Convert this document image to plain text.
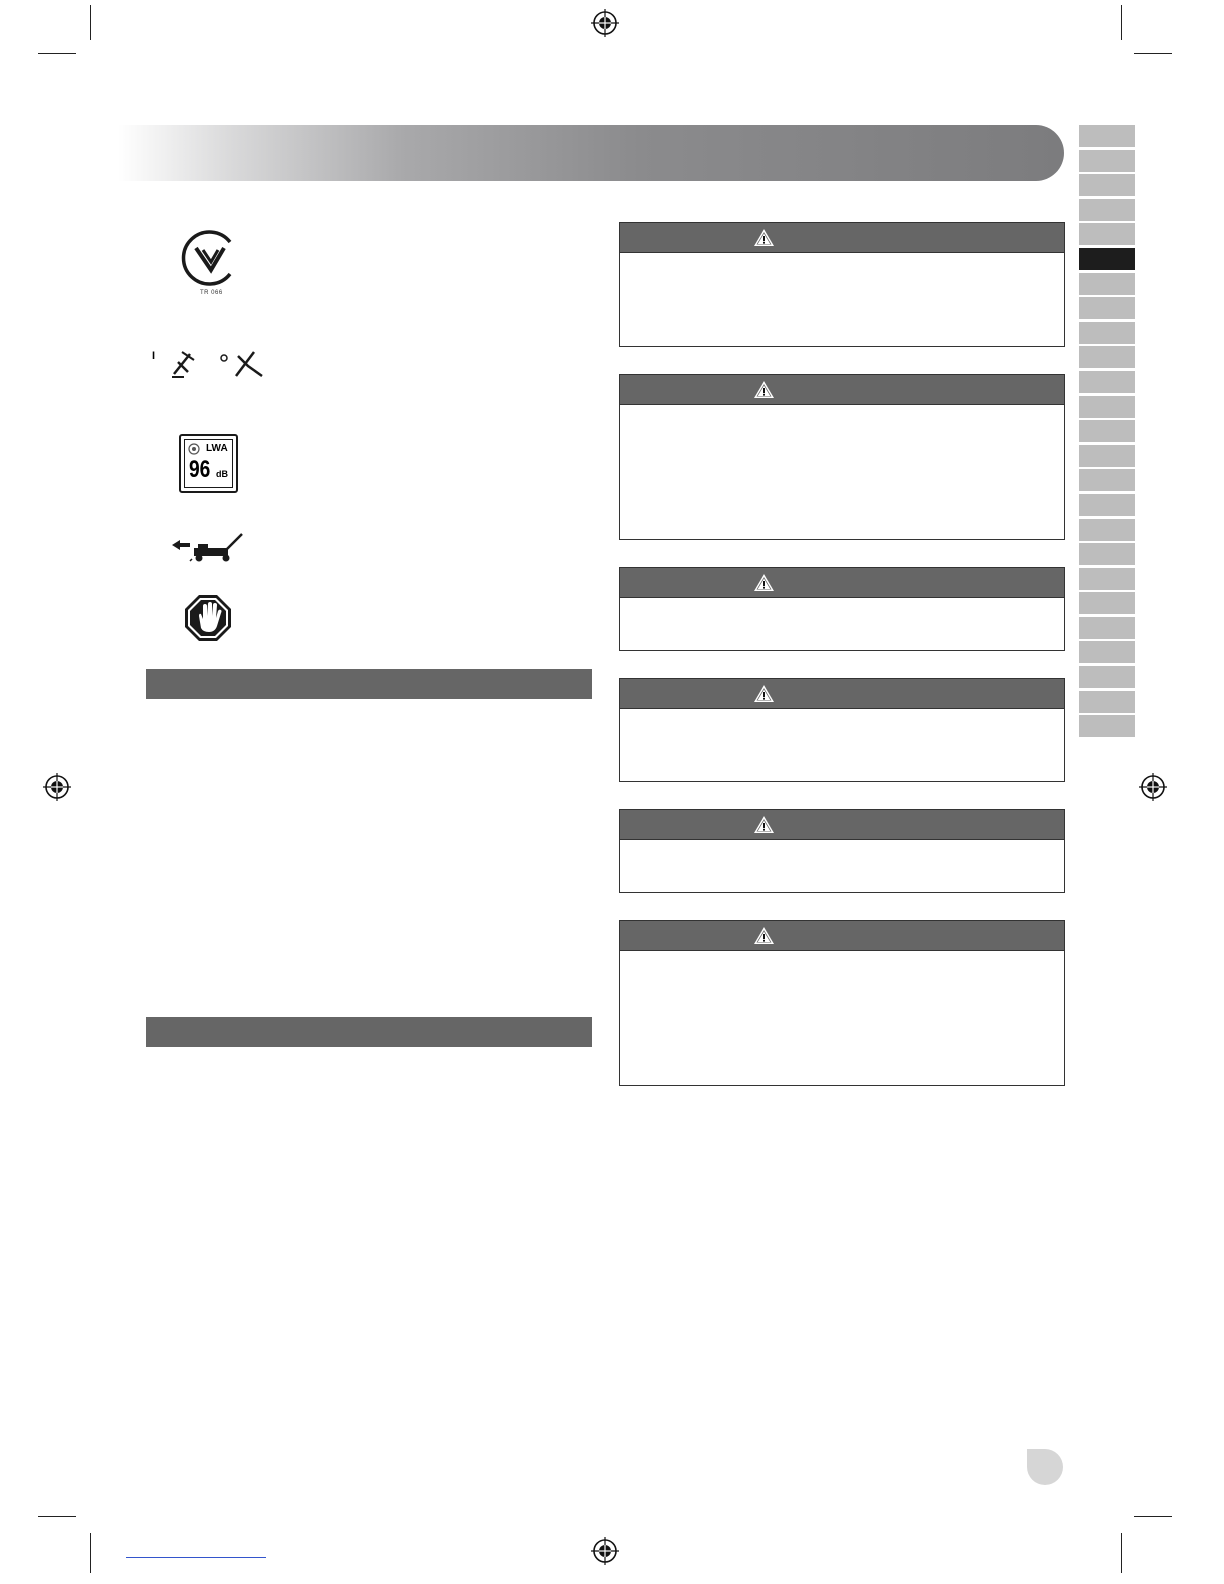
TR 066
I
LWA
96 dB
